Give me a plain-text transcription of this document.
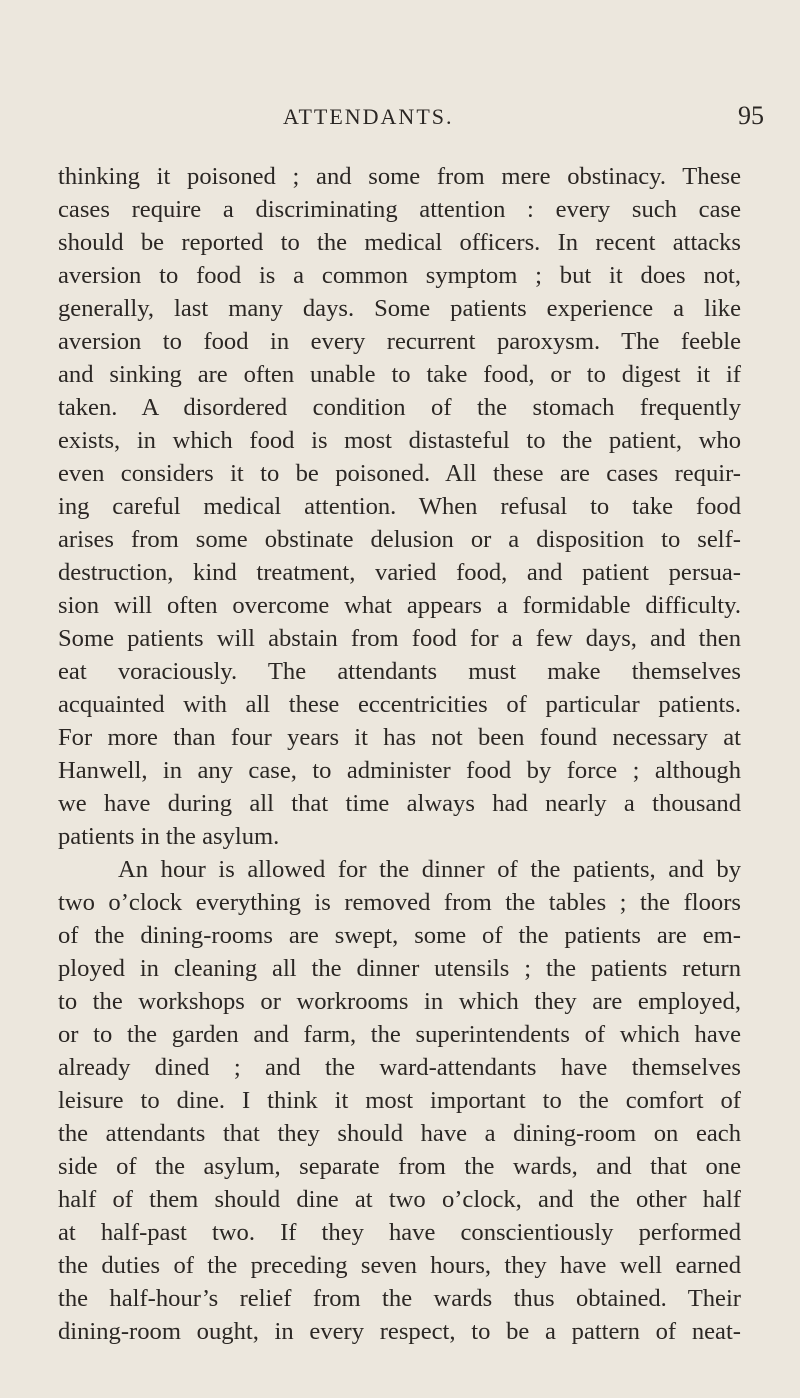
ATTENDANTS.	95
thinking it poisoned ; and some from mere obstinacy. These
cases require a discriminating attention : every such case
should be reported to the medical officers. In recent attacks
aversion to food is a common symptom ; but it does not,
generally, last many days. Some patients experience a like
aversion to food in every recurrent paroxysm. The feeble
and sinking are often unable to take food, or to digest it if
taken. A disordered condition of the stomach frequently
exists, in which food is most distasteful to the patient, who
even considers it to be poisoned. All these are cases requir-
ing careful medical attention. When refusal to take food
arises from some obstinate delusion or a disposition to self-
destruction, kind treatment, varied food, and patient persua-
sion will often overcome what appears a formidable difficulty.
Some patients will abstain from food for a few days, and then
eat voraciously. The attendants must make themselves
acquainted with all these eccentricities of particular patients.
For more than four years it has not been found necessary at
Hanwell, in any case, to administer food by force ; although
we have during all that time always had nearly a thousand
patients in the asylum.
An hour is allowed for the dinner of the patients, and by
two o’clock everything is removed from the tables ; the floors
of the dining-rooms are swept, some of the patients are em-
ployed in cleaning all the dinner utensils ; the patients return
to the workshops or workrooms in which they are employed,
or to the garden and farm, the superintendents of which have
already dined ; and the ward-attendants have themselves
leisure to dine. I think it most important to the comfort of
the attendants that they should have a dining-room on each
side of the asylum, separate from the wards, and that one
half of them should dine at two o’clock, and the other half
at half-past two. If they have conscientiously performed
the duties of the preceding seven hours, they have well earned
the half-hour’s relief from the wards thus obtained. Their
dining-room ought, in every respect, to be a pattern of neat-
